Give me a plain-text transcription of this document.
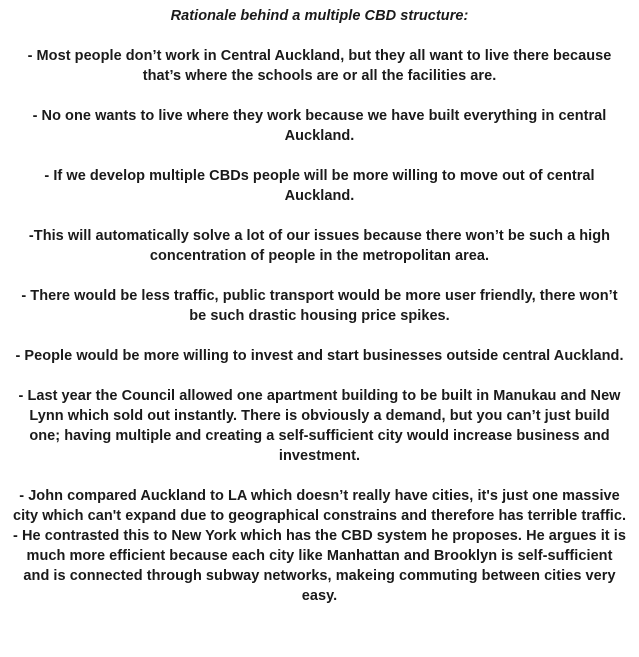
Rationale behind a multiple CBD structure:

- Most people don’t work in Central Auckland, but they all want to live there because that’s where the schools are or all the facilities are.

- No one wants to live where they work because we have built everything in central Auckland.

- If we develop multiple CBDs people will be more willing to move out of central Auckland.

-This will automatically solve a lot of our issues because there won’t be such a high concentration of people in the metropolitan area.

- There would be less traffic, public transport would be more user friendly, there won’t be such drastic housing price spikes.

- People would be more willing to invest and start businesses outside central Auckland.

- Last year the Council allowed one apartment building to be built in Manukau and New Lynn which sold out instantly. There is obviously a demand, but you can’t just build one; having multiple and creating a self-sufficient city would increase business and investment.

- John compared Auckland to LA which doesn’t really have cities, it's just one massive city which can't expand due to geographical constrains and therefore has terrible traffic.

- He contrasted this to New York which has the CBD system he proposes. He argues it is much more efficient because each city like Manhattan and Brooklyn is self-sufficient and is connected through subway networks, makeing commuting between cities very easy.
